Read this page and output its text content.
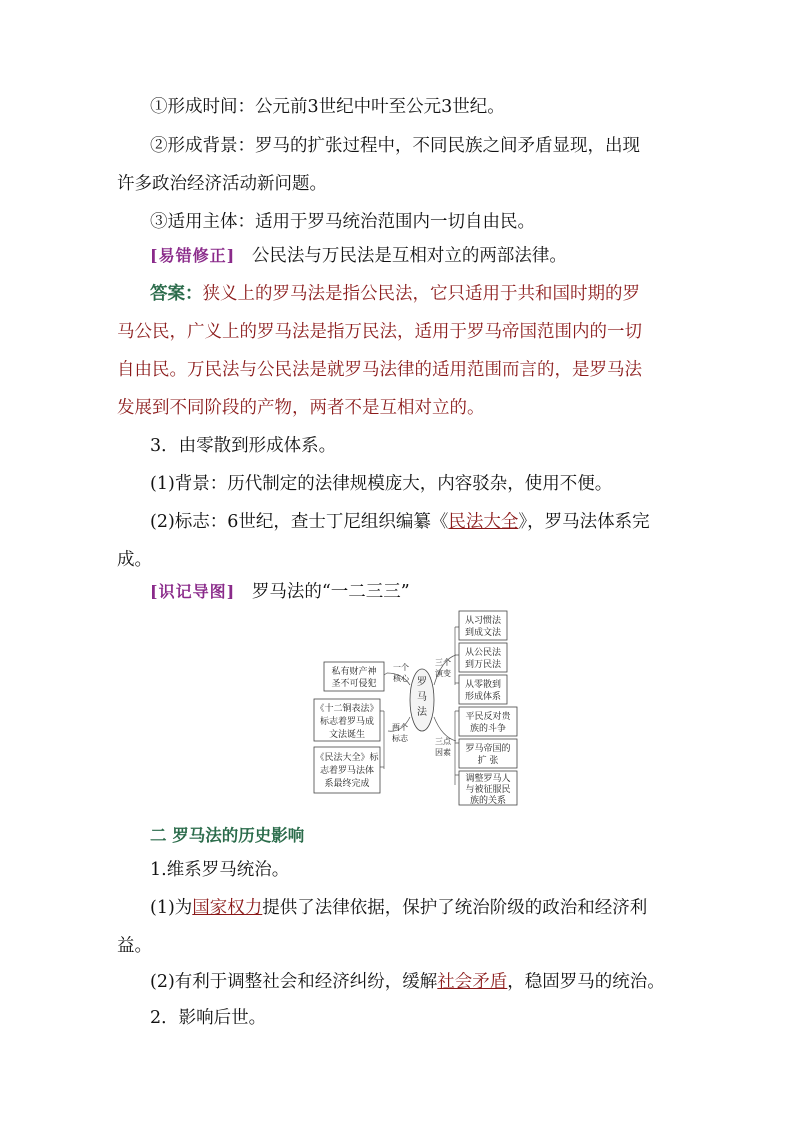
①形成时间：公元前3世纪中叶至公元3世纪。
②形成背景：罗马的扩张过程中，不同民族之间矛盾显现，出现
许多政治经济活动新问题。
③适用主体：适用于罗马统治范围内一切自由民。
[易错修正] 公民法与万民法是互相对立的两部法律。
答案：狭义上的罗马法是指公民法，它只适用于共和国时期的罗
马公民，广义上的罗马法是指万民法，适用于罗马帝国范围内的一切
自由民。万民法与公民法是就罗马法律的适用范围而言的，是罗马法
发展到不同阶段的产物，两者不是互相对立的。
3．由零散到形成体系。
(1)背景：历代制定的法律规模庞大，内容驳杂，使用不便。
(2)标志：6世纪，查士丁尼组织编纂《民法大全》，罗马法体系完
成。
[识记导图] 罗马法的“一二三三”
罗
马
法
一个
核心
私有财产神
圣不可侵犯
两个
标志
《十二铜表法》
标志着罗马成
文法诞生
《民法大全》标
志着罗马法体
系最终完成
三个
演变
从习惯法
到成文法
从公民法
到万民法
从零散到
形成体系
三点
因素
平民反对贵
族的斗争
罗马帝国的
扩 张
调整罗马人
与被征服民
族的关系
二 罗马法的历史影响
1.维系罗马统治。
(1)为国家权力提供了法律依据，保护了统治阶级的政治和经济利
益。
(2)有利于调整社会和经济纠纷，缓解社会矛盾，稳固罗马的统治。
2．影响后世。
